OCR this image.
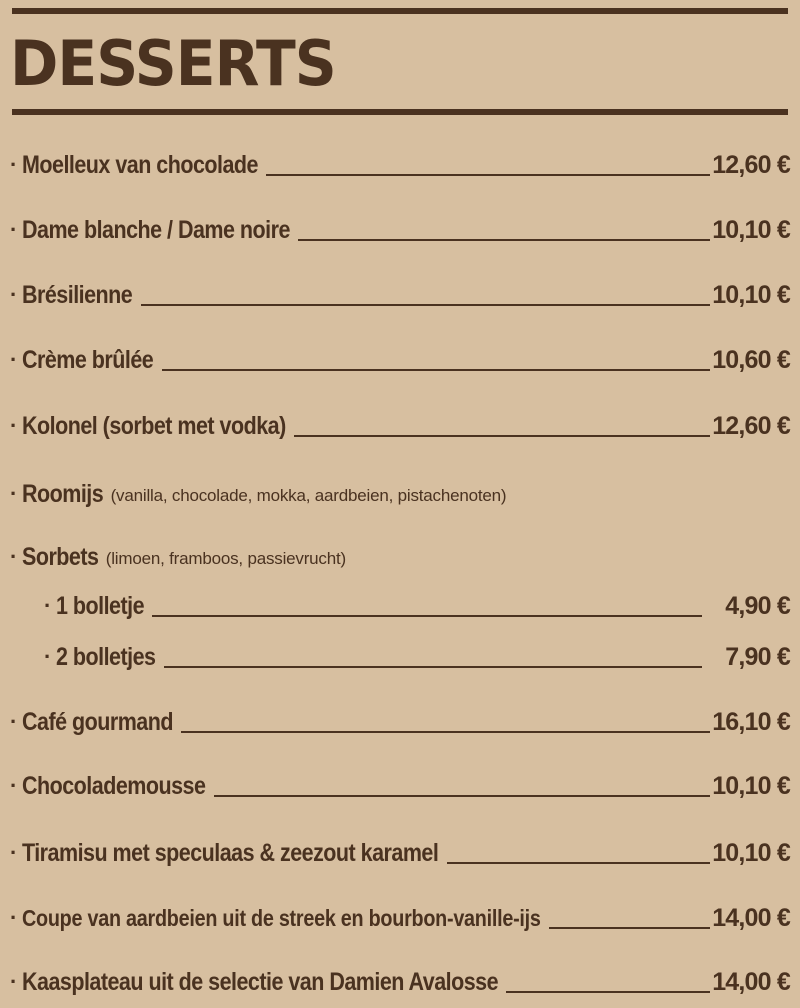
DESSERTS
· Moelleux van chocolade	12,60 €
· Dame blanche / Dame noire	10,10 €
· Brésilienne	10,10 €
· Crème brûlée	10,60 €
· Kolonel (sorbet met vodka)	12,60 €
· Roomijs (vanilla, chocolade, mokka, aardbeien, pistachenoten)
· Sorbets (limoen, framboos, passievrucht)
· 1 bolletje	4,90 €
· 2 bolletjes	7,90 €
· Café gourmand	16,10 €
· Chocolademousse	10,10 €
· Tiramisu met speculaas & zeezout karamel	10,10 €
· Coupe van aardbeien uit de streek en bourbon-vanille-ijs	14,00 €
· Kaasplateau uit de selectie van Damien Avalosse	14,00 €
